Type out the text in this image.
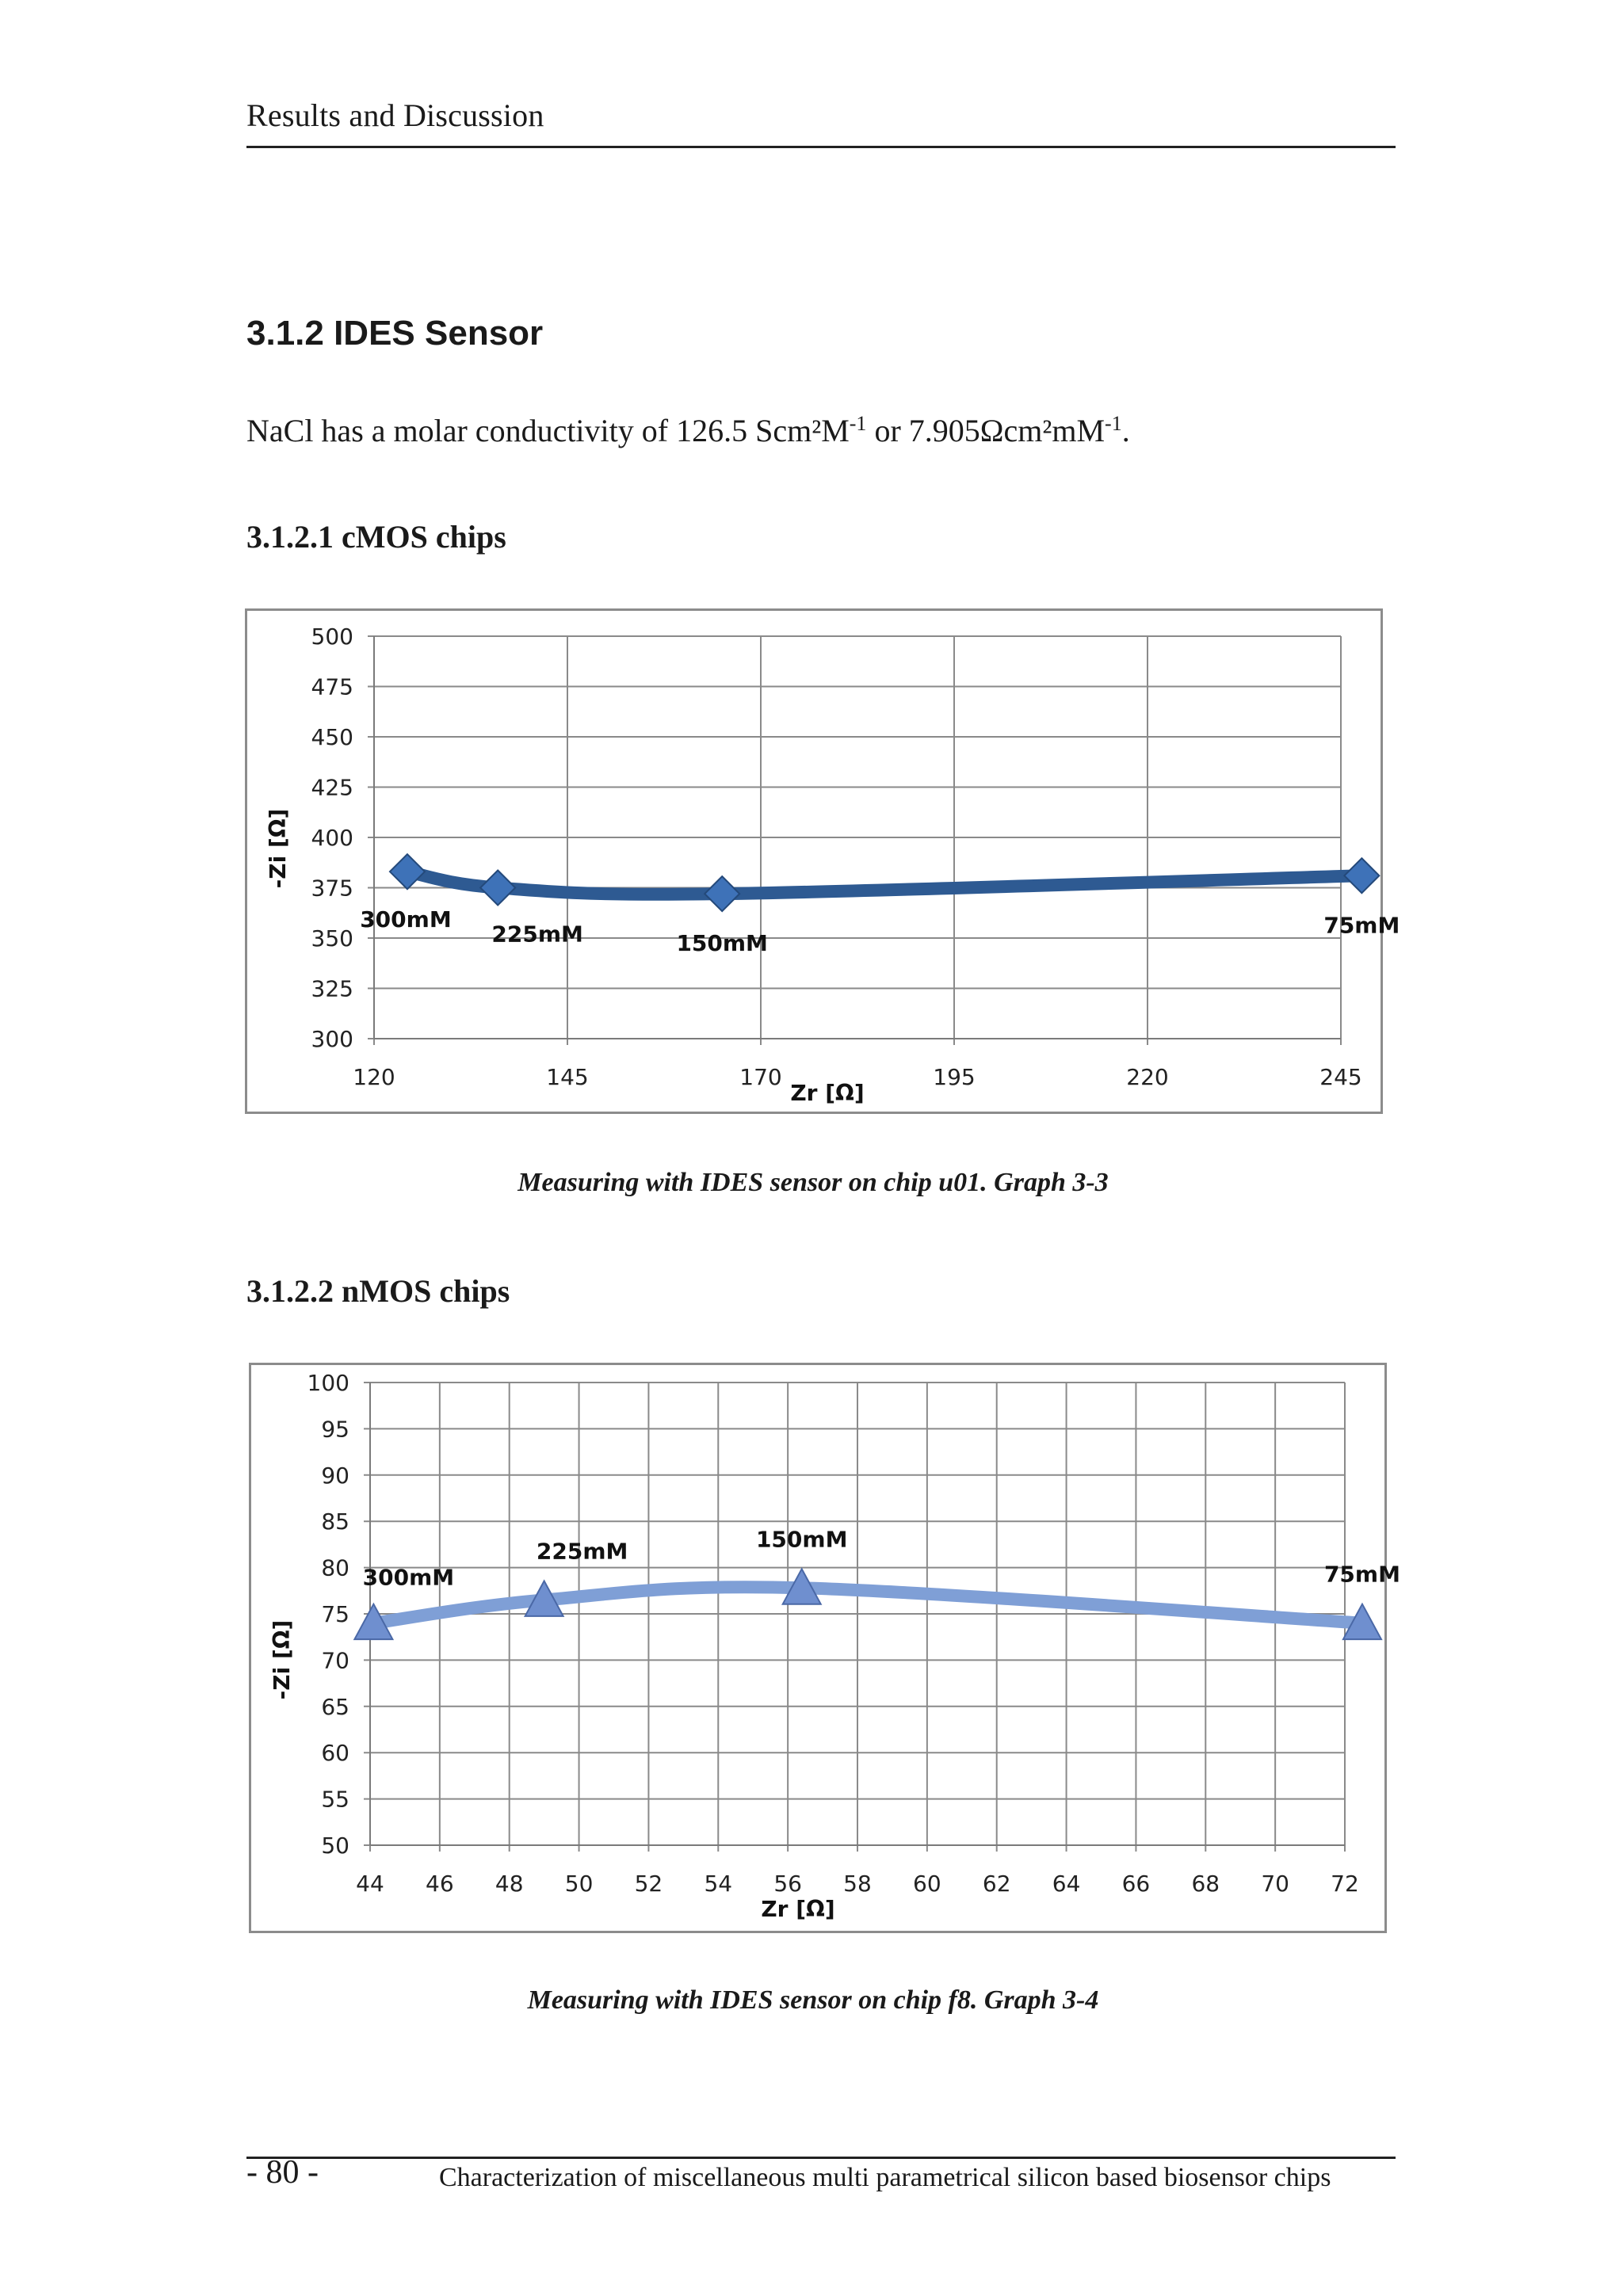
Results and Discussion
3.1.2 IDES Sensor
NaCl has a molar conductivity of 126.5 $Scm^2M^{-1}$ or $7.905\Omega cm^2mM^{-1}$.
3.1.2.1 cMOS chips
300
325
350
375
400
425
450
475
500
120	145	170	195	220	245
Zr [Ω]
-Zi [Ω]
300mM
225mM	150mM
75mM
Measuring with IDES sensor on chip u01. Graph 3-3
3.1.2.2 nMOS chips
50
55
60
65
70
75
80
85
90
95
100
44 46 48 50 52 54 56 58 60 62 64 66 68 70 72
Zr [Ω]
-Zi [Ω]
300mM
225mM	150mM
75mM
Measuring with IDES sensor on chip f8. Graph 3-4
- 80 -	Characterization of miscellaneous multi parametrical silicon based biosensor chips
